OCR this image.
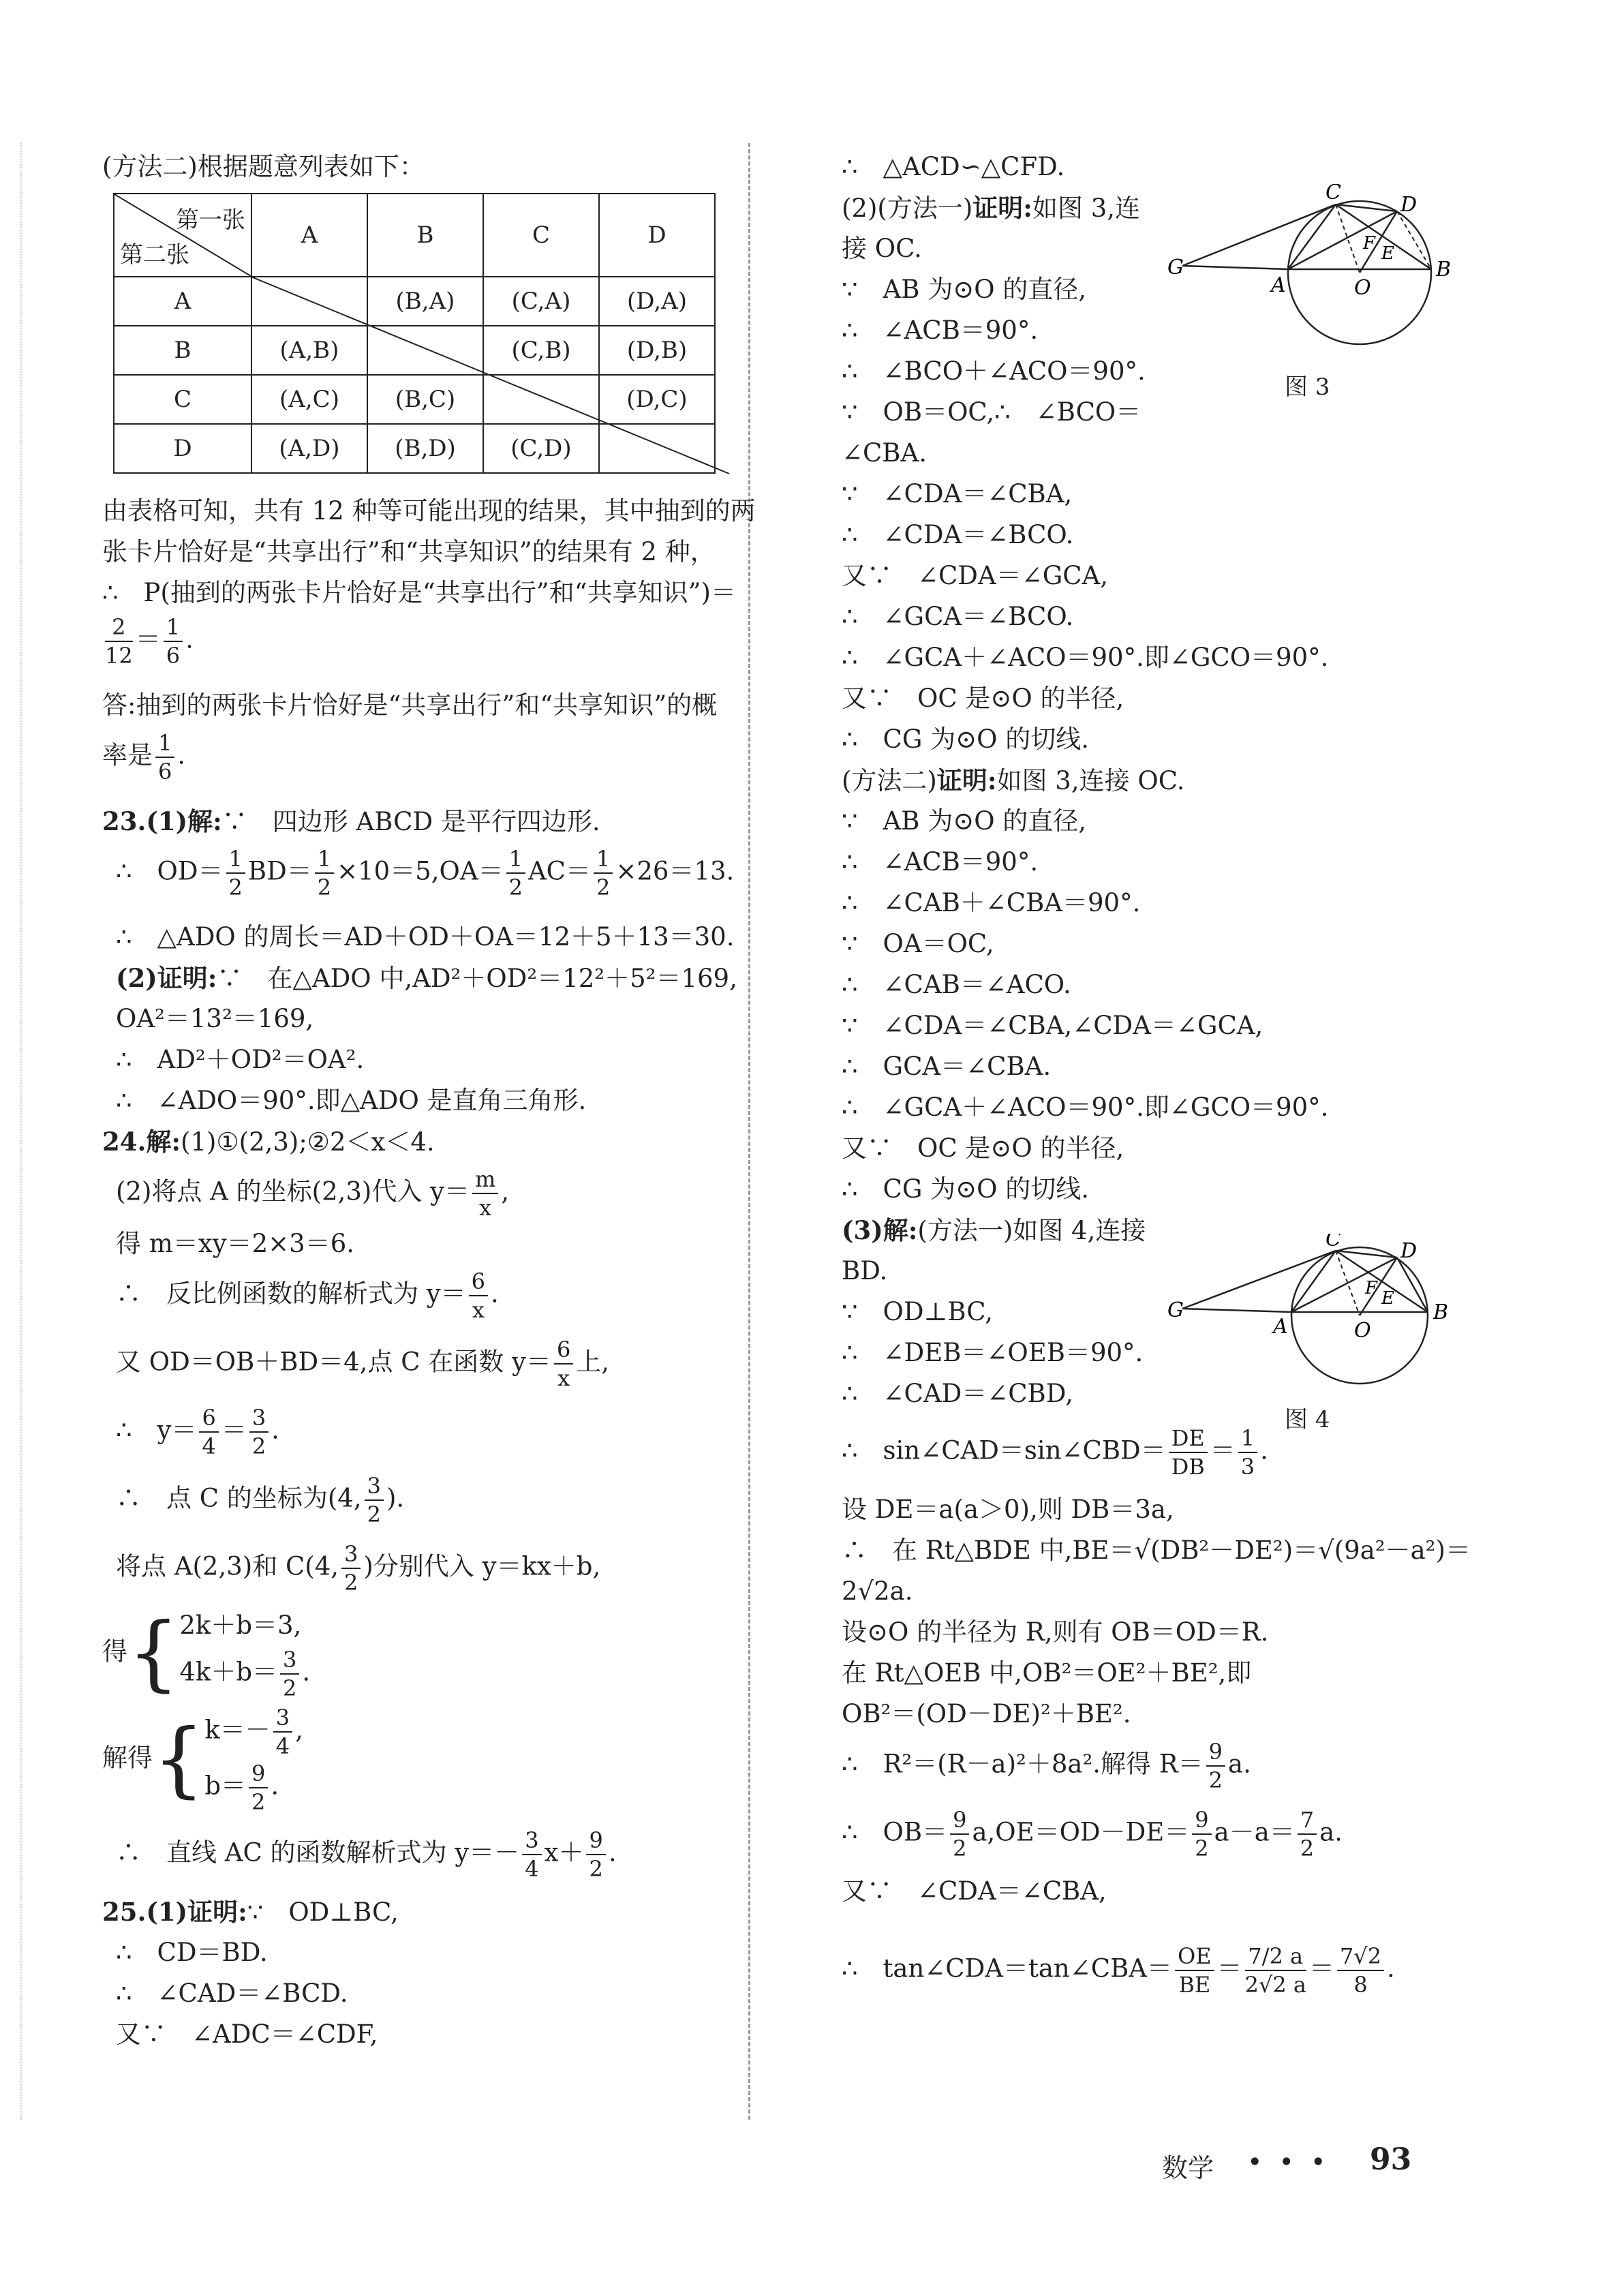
(方法二)根据题意列表如下：
第一张
第二张	A	B	C	D
A		(B,A)	(C,A)	(D,A)
B	(A,B)		(C,B)	(D,B)
C	(A,C)	(B,C)		(D,C)
D	(A,D)	(B,D)	(C,D)	
由表格可知，共有 12 种等可能出现的结果，其中抽到的两
张卡片恰好是“共享出行”和“共享知识”的结果有 2 种，
∴　P(抽到的两张卡片恰好是“共享出行”和“共享知识”)＝
$\frac{2}{12} = \frac{1}{6}$ .
答:抽到的两张卡片恰好是“共享出行”和“共享知识”的概
率是 $\frac{1}{6}$ .
23.(1)解:∵　四边形 ABCD 是平行四边形.
∴　$OD= \frac{1}{2} BD= \frac{1}{2} \times 10=5,OA= \frac{1}{2} AC= \frac{1}{2} \times 26=13$.
∴　△ADO 的周长＝AD＋OD＋OA＝12＋5＋13＝30.
(2)证明:∵　在△ADO 中,AD²＋OD²＝12²＋5²＝169,
OA²＝13²＝169,
∴　AD²＋OD²＝OA².
∴　∠ADO＝90°.即△ADO 是直角三角形.
24.解:(1)①(2,3);②2＜x＜4.
(2)将点 A 的坐标(2,3)代入 $y= \frac{m}{x}$ ,
得 m＝xy＝2×3＝6.
∴　反比例函数的解析式为 $y= \frac{6}{x}$ .
又 OD＝OB＋BD＝4,点 C 在函数 $y= \frac{6}{x}$ 上,
∴　$y= \frac{6}{4} = \frac{3}{2}$ .
∴　点 C 的坐标为(4, $\frac{3}{2}$ ).
将点 A(2,3)和 C(4, $\frac{3}{2}$ )分别代入 y＝kx＋b,
得{ 2k＋b＝3,
$4k+b= \frac{3}{2}$ .
解得{ $k=- \frac{3}{4}$ ,
$b= \frac{9}{2}$ .
∴　直线 AC 的函数解析式为 $y=- \frac{3}{4} x+ \frac{9}{2}$ .
25.(1)证明:∵　OD⊥BC,
∴　CD＝BD.
∴　∠CAD＝∠BCD.
又∵　∠ADC＝∠CDF,
∴　△ACD∽△CFD.
(2)(方法一)证明:如图 3,连
接 OC.
∵　AB 为⊙O 的直径,
∴　∠ACB＝90°.
∴　∠BCO＋∠ACO＝90°.
∵　OB＝OC,∴　∠BCO＝
∠CBA.
∵　∠CDA＝∠CBA,
∴　∠CDA＝∠BCO.
又∵　∠CDA＝∠GCA,
∴　∠GCA＝∠BCO.
∴　∠GCA＋∠ACO＝90°.即∠GCO＝90°.
又∵　OC 是⊙O 的半径,
∴　CG 为⊙O 的切线.
(方法二)证明:如图 3,连接 OC.
∵　AB 为⊙O 的直径,
∴　∠ACB＝90°.
∴　∠CAB＋∠CBA＝90°.
∵　OA＝OC,
∴　∠CAB＝∠ACO.
∵　∠CDA＝∠CBA,∠CDA＝∠GCA,
∴　GCA＝∠CBA.
∴　∠GCA＋∠ACO＝90°.即∠GCO＝90°.
又∵　OC 是⊙O 的半径,
∴　CG 为⊙O 的切线.
(3)解:(方法一)如图 4,连接
BD.
∵　OD⊥BC,
∴　∠DEB＝∠OEB＝90°.
∴　∠CAD＝∠CBD,
∴　sin∠CAD＝sin∠CBD＝ $\frac{DE}{DB} = \frac{1}{3}$ .
设 DE＝a(a＞0),则 DB＝3a,
∴　在 Rt△BDE 中,BE＝√(DB²－DE²)＝√(9a²－a²)＝
2√2a.
设⊙O 的半径为 R,则有 OB＝OD＝R.
在 Rt△OEB 中,OB²＝OE²＋BE²,即
OB²＝(OD－DE)²＋BE².
∴　R²＝(R－a)²＋8a².解得 $R= \frac{9}{2} a$.
∴　$OB= \frac{9}{2} a,OE=OD-DE= \frac{9}{2} a-a= \frac{7}{2} a$.
又∵　∠CDA＝∠CBA,
∴　tan∠CDA＝tan∠CBA＝ $\frac{OE}{BE} = \frac{7/2 a}{2√2 a} = \frac{7√2}{8}$ .
G
A	O
B
C
D
F E
图 3
G
A	O
B
C	D
F E
图 4
数学 • • • 93
